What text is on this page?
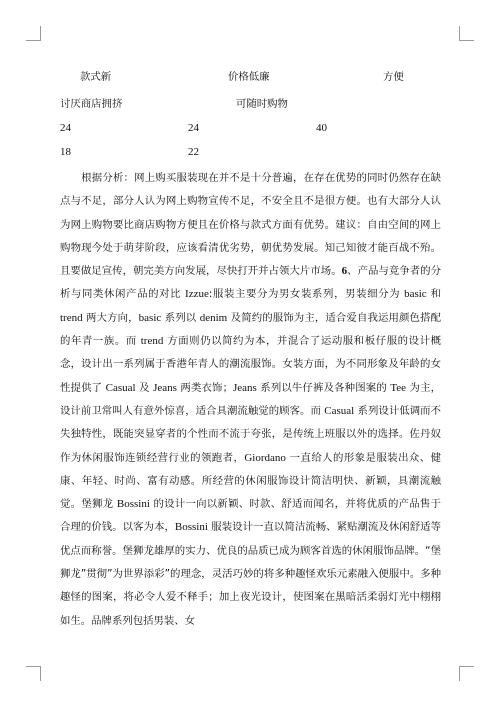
款式新	价格低廉	方便
讨厌商店拥挤	可随时购物
24	24	40
18	22
根据分析：网上购买服装现在并不是十分普遍，在存在优势的同时仍然存在缺点与不足，部分人认为网上购物宣传不足，不安全且不是很方便。也有大部分人认为网上购物要比商店购物方便且在价格与款式方面有优势。建议：自由空间的网上购物现今处于萌芽阶段，应该看清优劣势，朝优势发展。知己知彼才能百战不殆。且要做足宣传，朝完美方向发展，尽快打开并占领大片市场。6、产品与竞争者的分析与同类休闲产品的对比 Izzue:服装主要分为男女装系列，男装细分为 basic 和 trend 两大方向，basic 系列以 denim 及简约的服饰为主，适合爱自我运用颜色搭配的年青一族。而 trend 方面则仍以简约为本，并混合了运动服和板仔服的设计概念，设计出一系列属于香港年青人的潮流服饰。女装方面，为不同形象及年龄的女性提供了 Casual 及 Jeans 两类衣饰；Jeans 系列以牛仔裤及各种图案的 Tee 为主，设计前卫常叫人有意外惊喜，适合具潮流触觉的顾客。而 Casual 系列设计低调而不失独特性，既能突显穿者的个性而不流于夸张，是传统上班服以外的选择。佐丹奴作为休闲服饰连锁经营行业的领跑者，Giordano 一直给人的形象是服装出众、健康、年轻、时尚、富有动感。所经营的休闲服饰设计简洁明快、新颖，具潮流触觉。堡狮龙 Bossini 的设计一向以新颖、时款、舒适而闻名，并将优质的产品售于合理的价钱。以客为本，Bossini 服装设计一直以简洁流畅、紧贴潮流及休闲舒适等优点而称誉。堡狮龙雄厚的实力、优良的品质已成为顾客首选的休闲服饰品牌。“堡狮龙”贯彻”为世界添彩”的理念，灵活巧妙的将多种趣怪欢乐元素融入便服中。多种趣怪的图案，将必令人爱不释手；加上夜光设计，使图案在黑暗活柔弱灯光中栩栩如生。品牌系列包括男装、女
